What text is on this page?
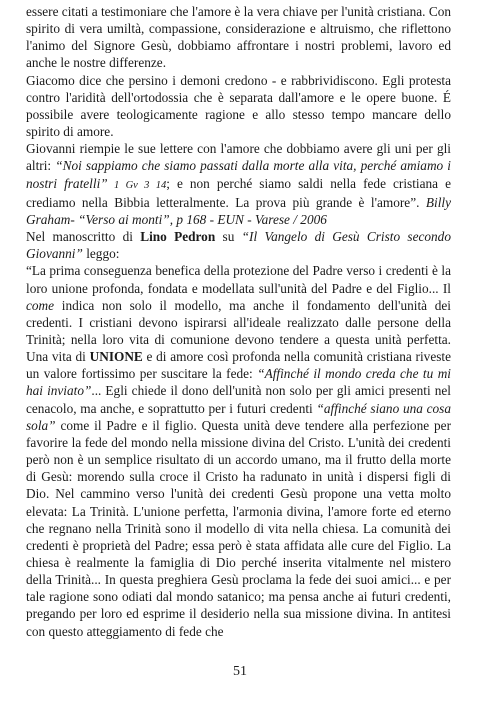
essere citati a testimoniare che l'amore è la vera chiave per l'unità cristiana. Con spirito di vera umiltà, compassione, considerazione e altruismo, che riflettono l'animo del Signore Gesù, dobbiamo affrontare i nostri problemi, lavoro ed anche le nostre differenze.

Giacomo dice che persino i demoni credono - e rabbrividiscono. Egli protesta contro l'aridità dell'ortodossia che è separata dall'amore e le opere buone. É possibile avere teologicamente ragione e allo stesso tempo mancare dello spirito di amore.

Giovanni riempie le sue lettere con l'amore che dobbiamo avere gli uni per gli altri: “Noi sappiamo che siamo passati dalla morte alla vita, perché amiamo i nostri fratelli” 1 Gv 3 14; e non perché siamo saldi nella fede cristiana e crediamo nella Bibbia letteralmente. La prova più grande è l'amore”. Billy Graham- “Verso ai monti”, p 168 - EUN - Varese / 2006

Nel manoscritto di Lino Pedron su “Il Vangelo di Gesù Cristo secondo Giovanni” leggo:

“La prima conseguenza benefica della protezione del Padre verso i credenti è la loro unione profonda, fondata e modellata sull'unità del Padre e del Figlio... Il come indica non solo il modello, ma anche il fondamento dell'unità dei credenti. I cristiani devono ispirarsi all'ideale realizzato dalle persone della Trinità; nella loro vita di comunione devono tendere a questa unità perfetta. Una vita di UNIONE e di amore così profonda nella comunità cristiana riveste un valore fortissimo per suscitare la fede: “Affinché il mondo creda che tu mi hai inviato”... Egli chiede il dono dell'unità non solo per gli amici presenti nel cenacolo, ma anche, e soprattutto per i futuri credenti “affinché siano una cosa sola” come il Padre e il figlio. Questa unità deve tendere alla perfezione per favorire la fede del mondo nella missione divina del Cristo. L'unità dei credenti però non è un semplice risultato di un accordo umano, ma il frutto della morte di Gesù: morendo sulla croce il Cristo ha radunato in unità i dispersi figli di Dio. Nel cammino verso l'unità dei credenti Gesù propone una vetta molto elevata: La Trinità. L'unione perfetta, l'armonia divina, l'amore forte ed eterno che regnano nella Trinità sono il modello di vita nella chiesa. La comunità dei credenti è proprietà del Padre; essa però è stata affidata alle cure del Figlio. La chiesa è realmente la famiglia di Dio perché inserita vitalmente nel mistero della Trinità... In questa preghiera Gesù proclama la fede dei suoi amici... e per tale ragione sono odiati dal mondo satanico; ma pensa anche ai futuri credenti, pregando per loro ed esprime il desiderio nella sua missione divina. In antitesi con questo atteggiamento di fede che

51
